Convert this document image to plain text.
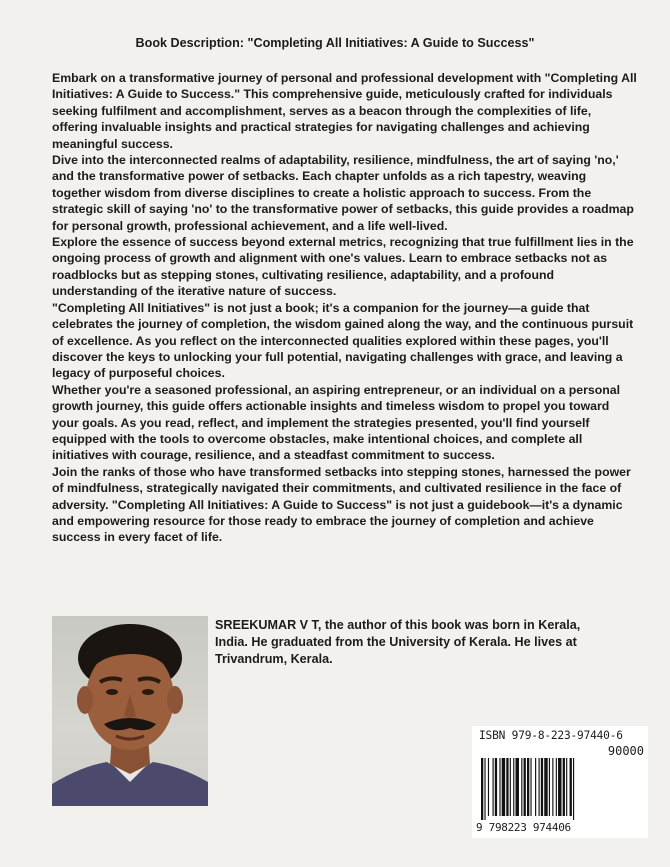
Book Description: "Completing All Initiatives: A Guide to Success"

Embark on a transformative journey of personal and professional development with "Completing All Initiatives: A Guide to Success." This comprehensive guide, meticulously crafted for individuals seeking fulfilment and accomplishment, serves as a beacon through the complexities of life, offering invaluable insights and practical strategies for navigating challenges and achieving meaningful success.

Dive into the interconnected realms of adaptability, resilience, mindfulness, the art of saying 'no,' and the transformative power of setbacks. Each chapter unfolds as a rich tapestry, weaving together wisdom from diverse disciplines to create a holistic approach to success. From the strategic skill of saying 'no' to the transformative power of setbacks, this guide provides a roadmap for personal growth, professional achievement, and a life well-lived.

Explore the essence of success beyond external metrics, recognizing that true fulfillment lies in the ongoing process of growth and alignment with one's values. Learn to embrace setbacks not as roadblocks but as stepping stones, cultivating resilience, adaptability, and a profound understanding of the iterative nature of success.

"Completing All Initiatives" is not just a book; it's a companion for the journey—a guide that celebrates the journey of completion, the wisdom gained along the way, and the continuous pursuit of excellence. As you reflect on the interconnected qualities explored within these pages, you'll discover the keys to unlocking your full potential, navigating challenges with grace, and leaving a legacy of purposeful choices.

Whether you're a seasoned professional, an aspiring entrepreneur, or an individual on a personal growth journey, this guide offers actionable insights and timeless wisdom to propel you toward your goals. As you read, reflect, and implement the strategies presented, you'll find yourself equipped with the tools to overcome obstacles, make intentional choices, and complete all initiatives with courage, resilience, and a steadfast commitment to success.

Join the ranks of those who have transformed setbacks into stepping stones, harnessed the power of mindfulness, strategically navigated their commitments, and cultivated resilience in the face of adversity. "Completing All Initiatives: A Guide to Success" is not just a guidebook—it's a dynamic and empowering resource for those ready to embrace the journey of completion and achieve success in every facet of life.

SREEKUMAR V T, the author of this book was born in Kerala, India. He graduated from the University of Kerala. He lives at Trivandrum, Kerala.
ISBN 979-8-223-97440-6
90000
9 798223 974406
